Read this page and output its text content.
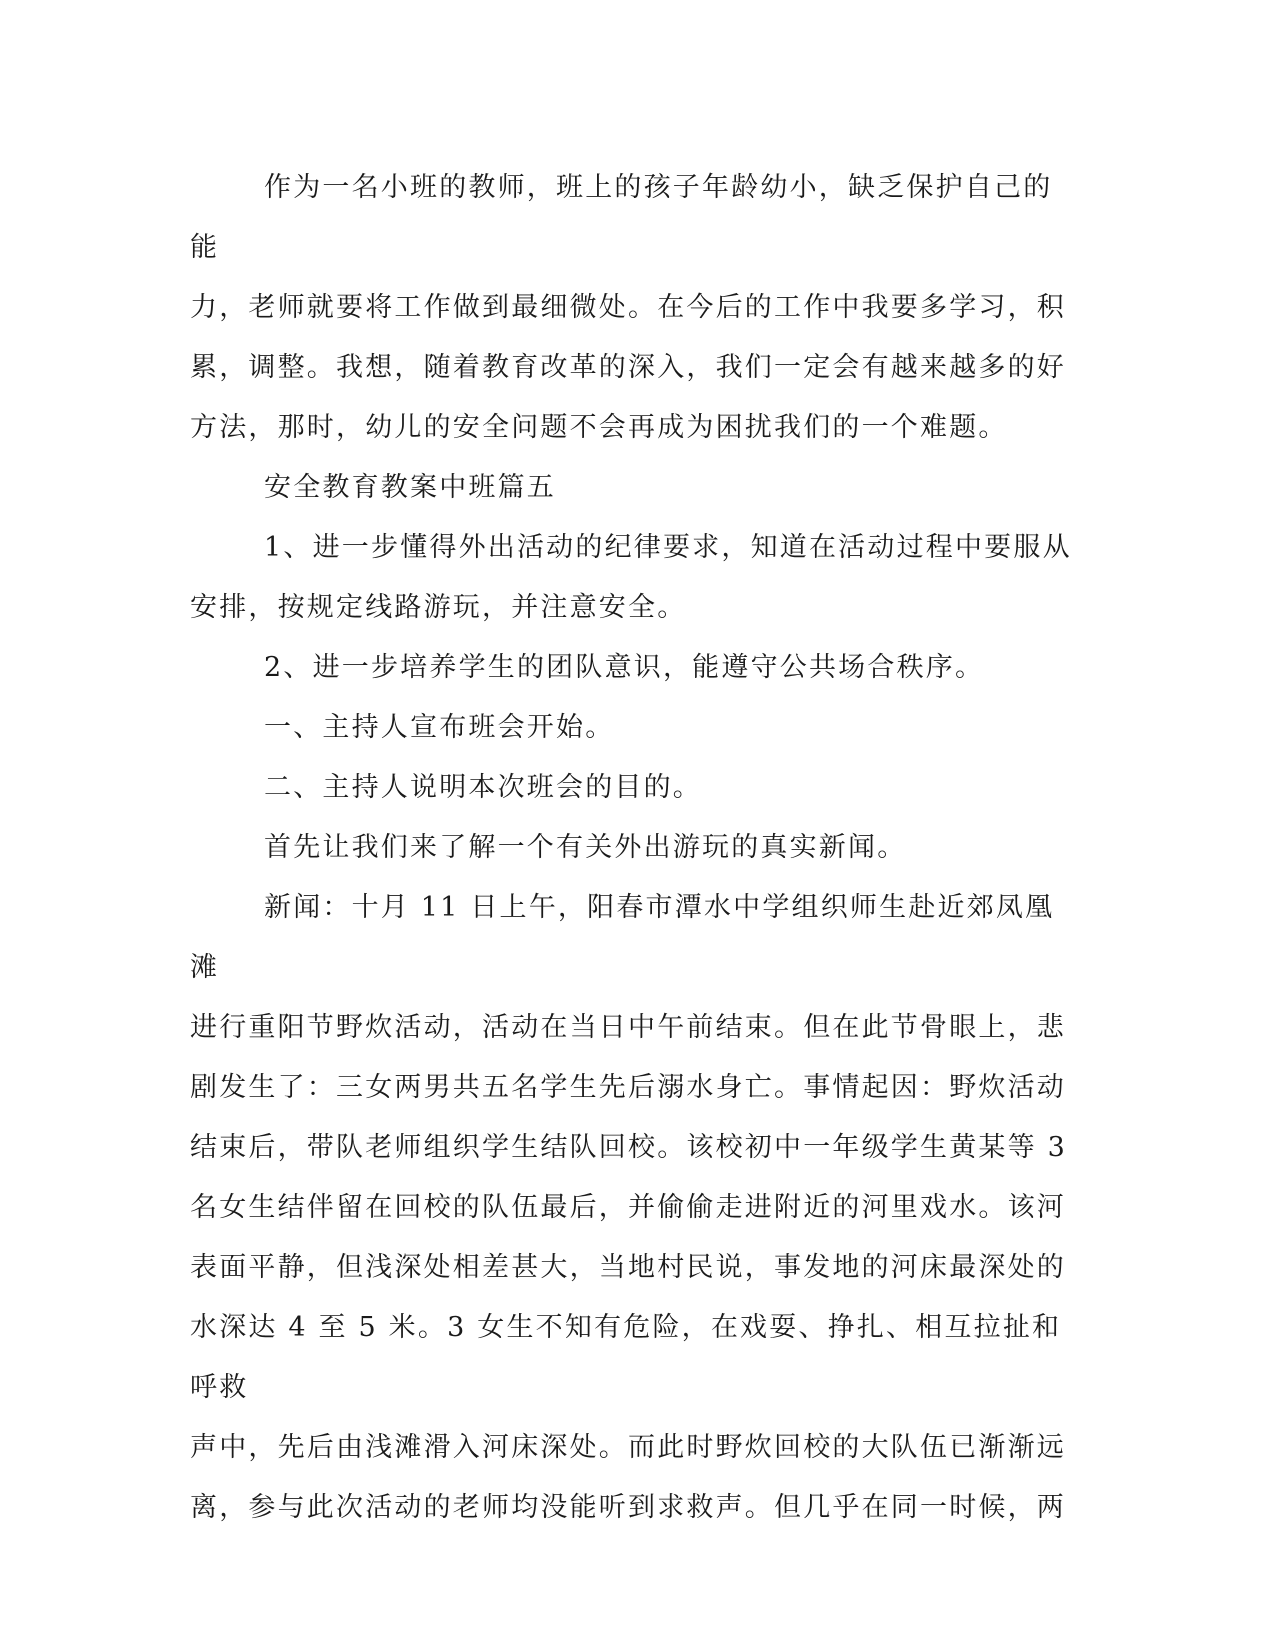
作为一名小班的教师，班上的孩子年龄幼小，缺乏保护自己的能
力，老师就要将工作做到最细微处。在今后的工作中我要多学习，积
累，调整。我想，随着教育改革的深入，我们一定会有越来越多的好
方法，那时，幼儿的安全问题不会再成为困扰我们的一个难题。

安全教育教案中班篇五

1、进一步懂得外出活动的纪律要求，知道在活动过程中要服从
安排，按规定线路游玩，并注意安全。

2、进一步培养学生的团队意识，能遵守公共场合秩序。

一、主持人宣布班会开始。

二、主持人说明本次班会的目的。

首先让我们来了解一个有关外出游玩的真实新闻。

新闻：十月 11 日上午，阳春市潭水中学组织师生赴近郊凤凰滩
进行重阳节野炊活动，活动在当日中午前结束。但在此节骨眼上，悲
剧发生了：三女两男共五名学生先后溺水身亡。事情起因：野炊活动
结束后，带队老师组织学生结队回校。该校初中一年级学生黄某等 3
名女生结伴留在回校的队伍最后，并偷偷走进附近的河里戏水。该河
表面平静，但浅深处相差甚大，当地村民说，事发地的河床最深处的
水深达 4 至 5 米。3 女生不知有危险，在戏耍、挣扎、相互拉扯和呼救
声中，先后由浅滩滑入河床深处。而此时野炊回校的大队伍已渐渐远
离，参与此次活动的老师均没能听到求救声。但几乎在同一时候，两
